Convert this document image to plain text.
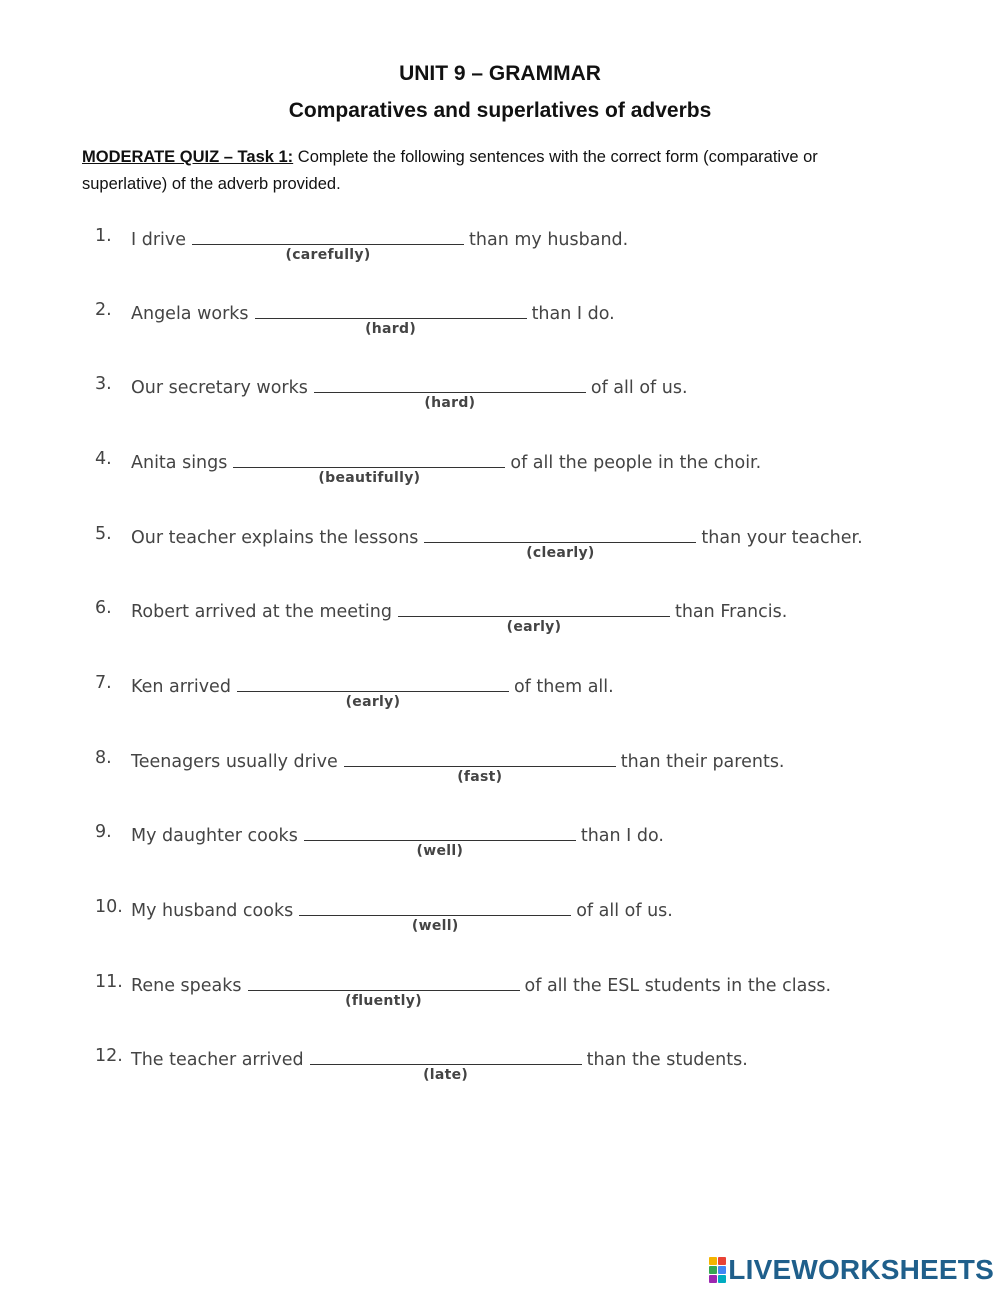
UNIT 9 – GRAMMAR
Comparatives and superlatives of adverbs
MODERATE QUIZ – Task 1: Complete the following sentences with the correct form (comparative or superlative) of the adverb provided.
1. I drive
(carefully)
than my husband.
2. Angela works
(hard)
than I do.
3. Our secretary works
(hard)
of all of us.
4. Anita sings
(beautifully)
of all the people in the choir.
5. Our teacher explains the lessons
(clearly)
than your teacher.
6. Robert arrived at the meeting
(early)
than Francis.
7. Ken arrived
(early)
of them all.
8. Teenagers usually drive
(fast)
than their parents.
9. My daughter cooks
(well)
than I do.
10. My husband cooks
(well)
of all of us.
11. Rene speaks
(fluently)
of all the ESL students in the class.
12. The teacher arrived
(late)
than the students.
LIVEWORKSHEETS
